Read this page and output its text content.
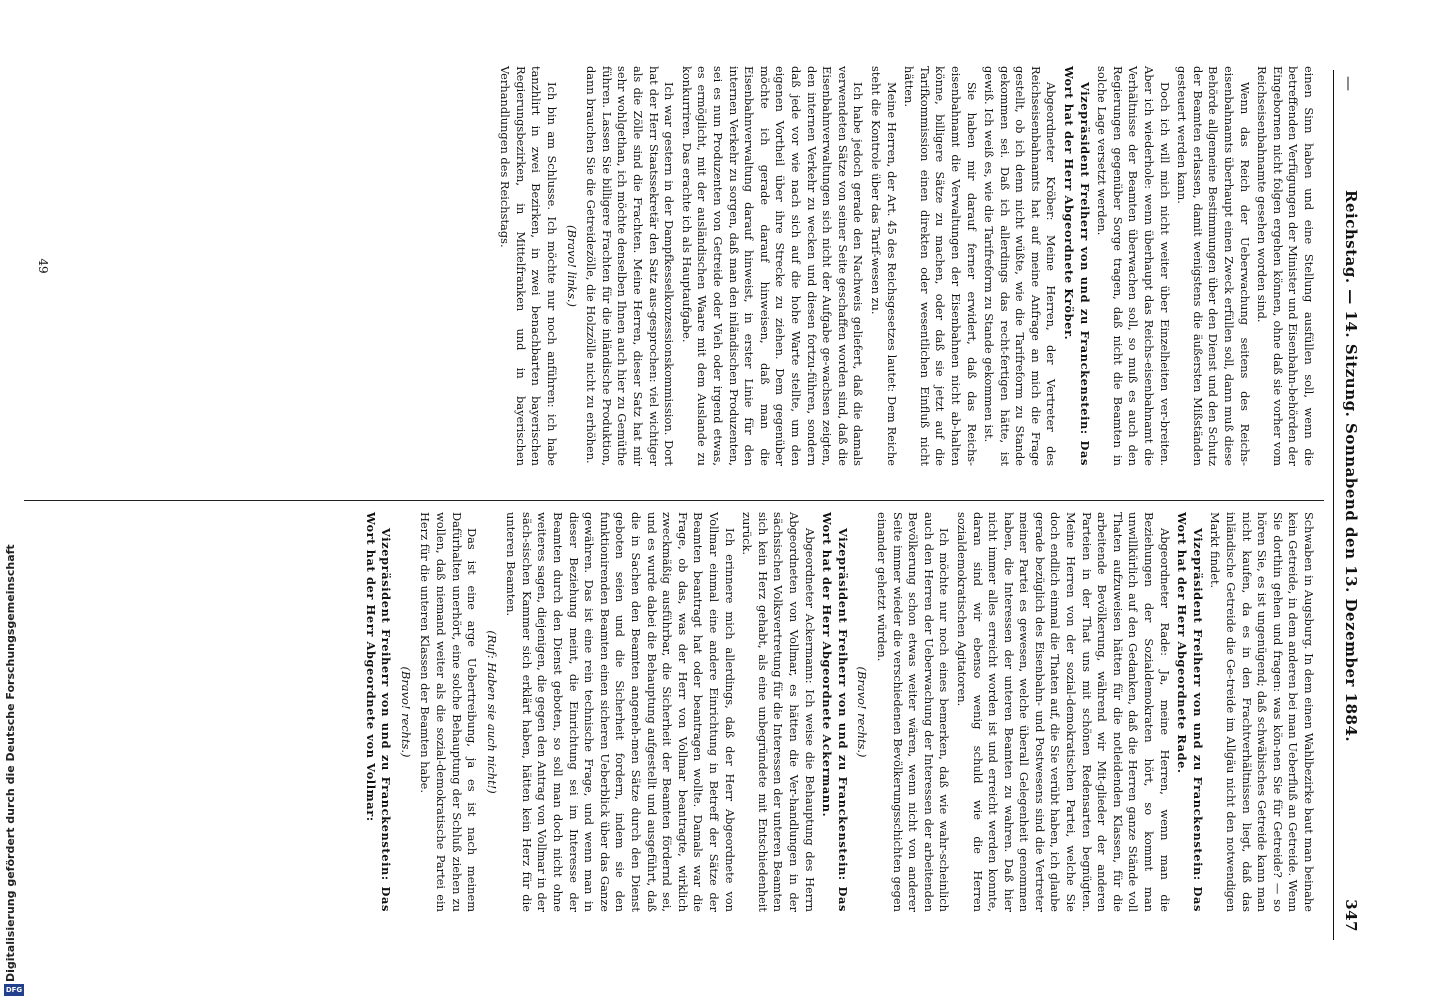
Digitalisierung gefördert durch die Deutsche Forschungsgemeinschaft
DFG
—
Reichstag. — 14. Sitzung. Sonnabend den 13. Dezember 1884.
347

einen Sinn haben und eine Stellung ausfüllen soll, wenn die betreffenden Verfügungen der Minister und Eisenbahn-behörden der Eingebornen nicht folgen ergehen können, ohne daß sie vorher vom Reichseisenbahnamte gesehen worden sind.

Wenn das Reich der Ueberwachung seitens des Reichs-eisenbahnamts überhaupt einen Zweck erfüllen soll, dann muß diese Behörde allgemeine Bestimmungen über den Dienst und den Schutz der Beamten erlassen, damit wenigstens die äußersten Mißständen gesteuert werden kann.

Doch ich will mich nicht weiter über Einzelheiten ver-breiten. Aber ich wiederhole: wenn überhaupt das Reichs-eisenbahnamt die Verhältnisse der Beamten überwachen soll, so muß es auch den Regierungen gegenüber Sorge tragen, daß nicht die Beamten in solche Lage versetzt werden.

Vizepräsident Freiherr von und zu Franckenstein: Das Wort hat der Herr Abgeordnete Kröber.

Abgeordneter Kröber: Meine Herren, der Vertreter des Reichseisenbahnamts hat auf meine Anfrage an mich die Frage gestellt, ob ich denn nicht wüßte, wie die Tarifreform zu Stande gekommen sei. Daß ich allerdings das recht-fertigen hätte, ist gewiß. Ich weiß es, wie die Tarifreform zu Stande gekommen ist.

Sie haben mir darauf ferner erwidert, daß das Reichs-eisenbahnamt die Verwaltungen der Eisenbahnen nicht ab-halten könne, billigere Sätze zu machen, oder daß sie jetzt auf die Tarifkommission einen direkten oder wesentlichen Einfluß nicht hätten.

Meine Herren, der Art. 45 des Reichsgesetzes lautet: Dem Reiche steht die Kontrole über das Tarif-wesen zu.

Ich habe jedoch gerade den Nachweis geliefert, daß die damals verwendeten Sätze von seiner Seite geschaffen worden sind, daß die Eisenbahnverwaltungen sich nicht der Aufgabe ge-wachsen zeigten, den internen Verkehr zu wecken und diesen fortzu-führen, sondern daß jede vor wie nach sich auf die hohe Warte stellte, um den eigenen Vortheil über ihre Strecke zu ziehen. Dem gegenüber möchte ich gerade darauf hinweisen, daß man die Eisenbahnverwaltung darauf hinweist, in erster Linie für den internen Verkehr zu sorgen, daß man den inländischen Produzenten, sei es nun Produzenten von Getreide oder Vieh oder irgend etwas, es ermöglicht, mit der ausländischen Waare mit dem Auslande zu konkurriren. Das erachte ich als Hauptaufgabe.

Ich war gestern in der Dampfkesselkonzessionskommission. Dort hat der Herr Staatssekretär den Satz aus-gesprochen: viel wichtiger als die Zölle sind die Frachten. Meine Herren, dieser Satz hat mir sehr wohlgethan, ich möchte denselben Ihnen auch hier zu Gemüthe führen. Lassen Sie billigere Frachten für die inländische Produktion, dann brauchen Sie die Getreidezölle, die Holzzölle nicht zu erhöhen.

(Bravo! links.)

Ich bin am Schlusse. Ich möchte nur noch anführen: ich habe tanzhlirt in zwei Bezirken, in zwei benachbarten bayerischen Regierungsbezirken, in Mittelfranken und in bayerischen Verhandlungen des Reichstags.

Schwaben in Augsburg. In dem einen Wahlbezirke baut man beinahe kein Getreide, in dem anderen bei man Ueberfluß an Getreide. Wenn Sie dorthin gehen und fragen: was kön-nen Sie für Getreide? — so hören Sie, es ist ungenügend; daß schwäbisches Getreide kann man nicht kaufen, da es in den Frachtverhältnissen liegt, daß das inländische Getreide die Ge-treide im Allgäu nicht den notwendigen Markt findet.

Vizepräsident Freiherr von und zu Franckenstein: Das Wort hat der Herr Abgeordnete Rade.

Abgeordneter Rade: Ja, meine Herren, wenn man die Beziehungen der Sozialdemokraten hört, so kommt man unwillkürlich auf den Gedanken, daß die Herren ganze Stände voll Thaten aufzuweisen hätten für die notleidenden Klassen, für die arbeitende Bevölkerung, während wir Mit-glieder der anderen Parteien in der That uns mit schönen Redensarten begnügten. Meine Herren von der sozial-demokratischen Partei, welche Sie doch endlich einmal die Thaten auf, die Sie verübt haben, ich glaube gerade bezüglich des Eisenbahn- und Postwesens sind die Vertreter meiner Partei es gewesen, welche überall Gelegenheit genommen haben, die Interessen der unteren Beamten zu wahren. Daß hier nicht immer alles erreicht worden ist und erreicht werden konnte, daran sind wir ebenso wenig schuld wie die Herren sozialdemokratischen Agitatoren.

Ich möchte nur noch eines bemerken, daß wie wahr-scheinlich auch den Herren der Ueberwachung der Interessen der arbeitenden Bevölkerung schon etwas weiter wären, wenn nicht von anderer Seite immer wieder die verschiedenen Bevölkerungsschichten gegen einander gehetzt würden.

(Bravo! rechts.)

Vizepräsident Freiherr von und zu Franckenstein: Das Wort hat der Herr Abgeordnete Ackermann.

Abgeordneter Ackermann: Ich weise die Behauptung des Herrn Abgeordneten von Vollmar, es hätten die Ver-handlungen in der sächsischen Volksvertretung für die Interessen der unteren Beamten sich kein Herz gehabt, als eine unbegründete mit Entschiedenheit zurück.

Ich erinnere mich allerdings, daß der Herr Abgeordnete von Vollmar einmal eine andere Einrichtung in Betreff der Sätze der Beamten beantragt hat oder beantragen wollte. Damals war die Frage, ob das, was der Herr von Vollmar beantragte, wirklich zweckmäßig ausführbar, die Sicherheit der Beamten fördernd sei, und es wurde dabei die Behauptung aufgestellt und ausgeführt, daß die in Sachen den Beamten angeneh-men Sätze durch den Dienst geboten seien und die Sicherheit fordern, indem sie den funktionirenden Beamten einen sicheren Ueberblick über das Ganze gewähren. Das ist eine rein technische Frage, und wenn man in dieser Beziehung meint, die Einrichtung sei im Interesse der Beamten durch den Dienst geboten, so soll man doch nicht ohne weiteres sagen, diejenigen, die gegen den Antrag von Vollmar in der säch-sischen Kammer sich erklärt haben, hätten kein Herz für die unteren Beamten.

(Ruf: Haben sie auch nicht!)

Das ist eine arge Uebertreibung, ja es ist nach meinem Dafürhalten unerhört, eine solche Behauptung der Schluß ziehen zu wollen, daß niemand weiter als die sozial-demokratische Partei ein Herz für die unteren Klassen der Beamten habe.

(Bravo! rechts.)

Vizepräsident Freiherr von und zu Franckenstein: Das Wort hat der Herr Abgeordnete von Vollmar:

49
